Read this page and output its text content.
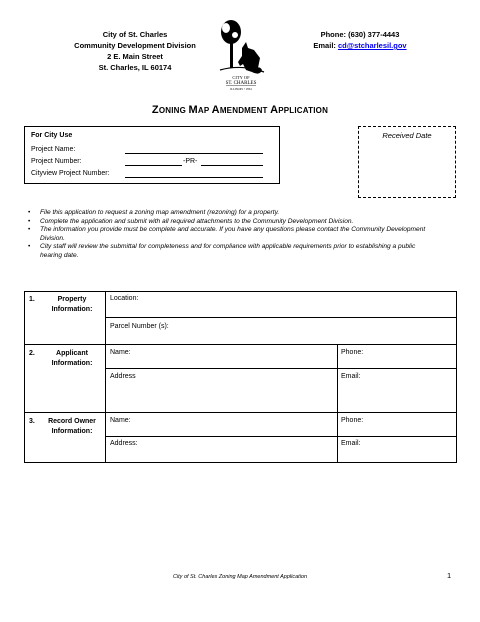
City of St. Charles
Community Development Division
2 E. Main Street
St. Charles, IL 60174
CITY OF
ST. CHARLES
ILLINOIS • 1834
Phone: (630) 377-4443
Email: cd@stcharlesil.gov
ZONING MAP AMENDMENT APPLICATION
For City Use
Project Name:
Project Number:	-PR-
Cityview Project Number:
Received Date
• File this application to request a zoning map amendment (rezoning) for a property.
• Complete the application and submit with all required attachments to the Community Development Division.
• The information you provide must be complete and accurate. If you have any questions please contact the Community Development Division.
• City staff will review the submittal for completeness and for compliance with applicable requirements prior to establishing a public hearing date.
1.	Property
Information:
Location:
Parcel Number (s):
2.	Applicant
Information:
Name:	Phone:
Address	Email:
3.	Record Owner
Information:
Name:	Phone:
Address:	Email:
City of St. Charles Zoning Map Amendment Application	1
